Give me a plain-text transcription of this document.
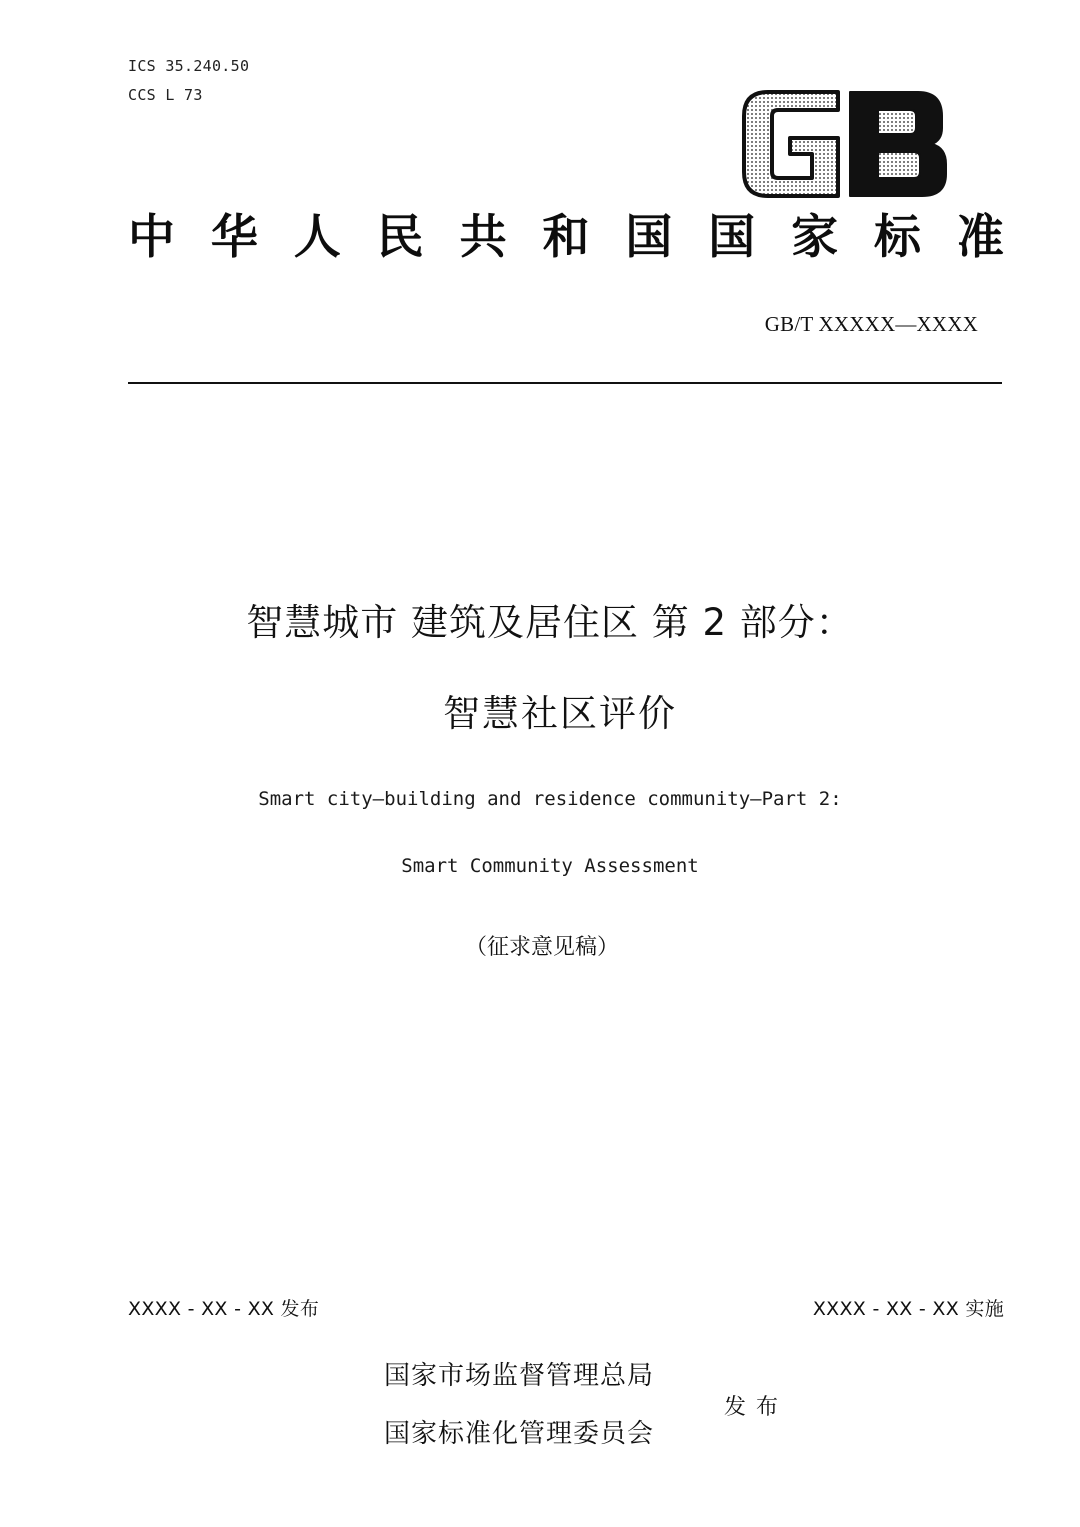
ICS 35.240.50
CCS L 73
中 华 人 民 共 和 国 国 家 标 准
GB/T XXXXX—XXXX
智慧城市 建筑及居住区 第 2 部分：
智慧社区评价
Smart city—building and residence community—Part 2:
Smart Community Assessment
（征求意见稿）
XXXX - XX - XX 发布	XXXX - XX - XX 实施
国家市场监督管理总局
国家标准化管理委员会
发布
